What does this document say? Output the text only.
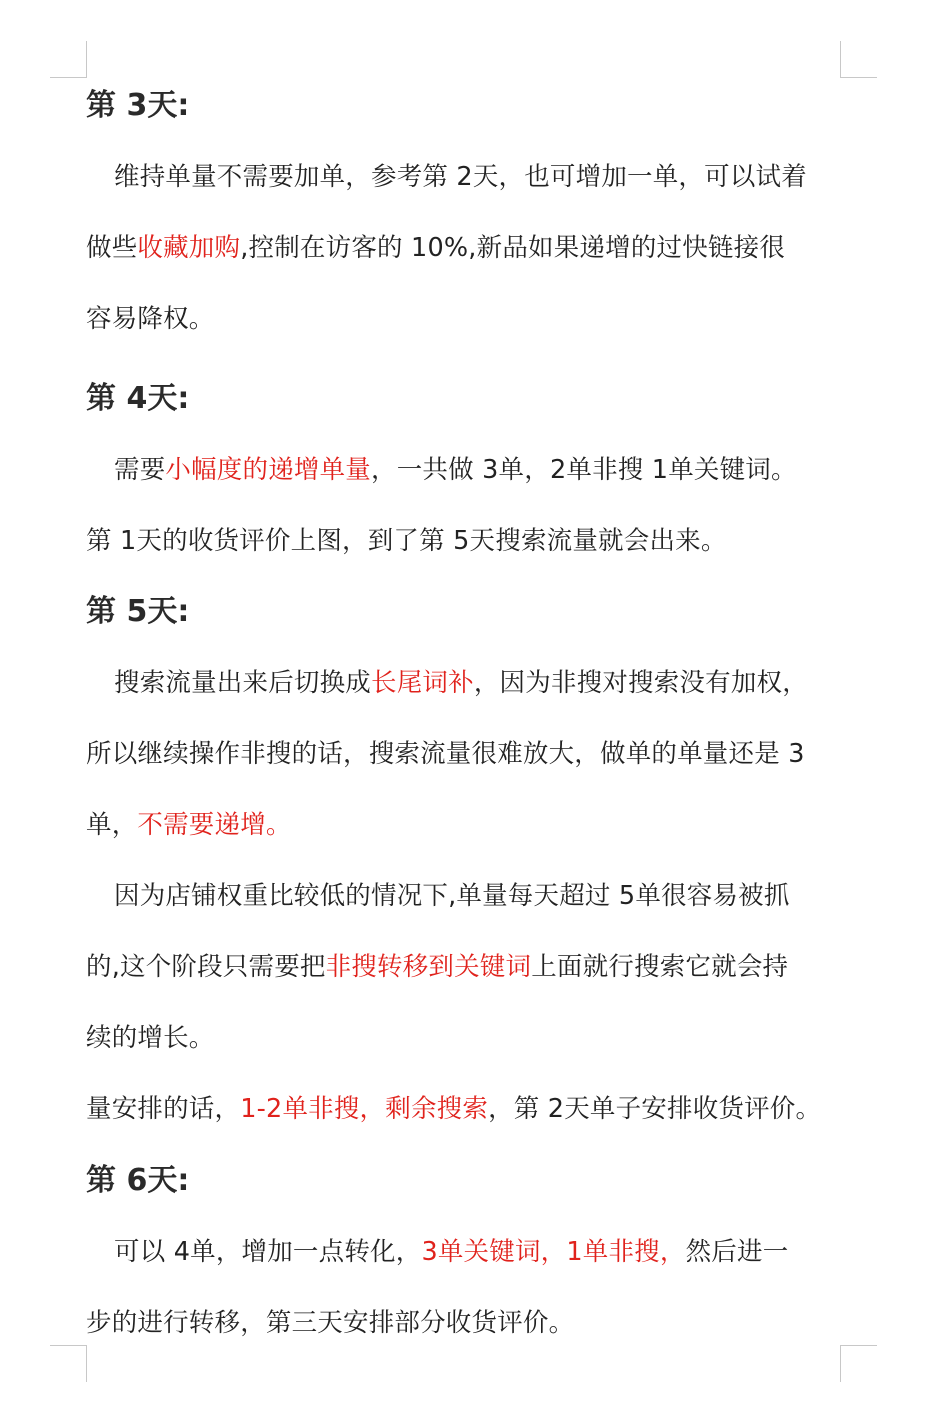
第 3天:
维持单量不需要加单，参考第 2天，也可增加一单，可以试着
做些收藏加购,控制在访客的 10%,新品如果递增的过快链接很
容易降权。
第 4天:
需要小幅度的递增单量，一共做 3单，2单非搜 1单关键词。
第 1天的收货评价上图，到了第 5天搜索流量就会出来。
第 5天:
搜索流量出来后切换成长尾词补，因为非搜对搜索没有加权，
所以继续操作非搜的话，搜索流量很难放大，做单的单量还是 3
单，不需要递增。
因为店铺权重比较低的情况下,单量每天超过 5单很容易被抓
的,这个阶段只需要把非搜转移到关键词上面就行搜索它就会持
续的增长。
量安排的话，1-2单非搜，剩余搜索，第 2天单子安排收货评价。
第 6天:
可以 4单，增加一点转化，3单关键词，1单非搜，然后进一
步的进行转移，第三天安排部分收货评价。
